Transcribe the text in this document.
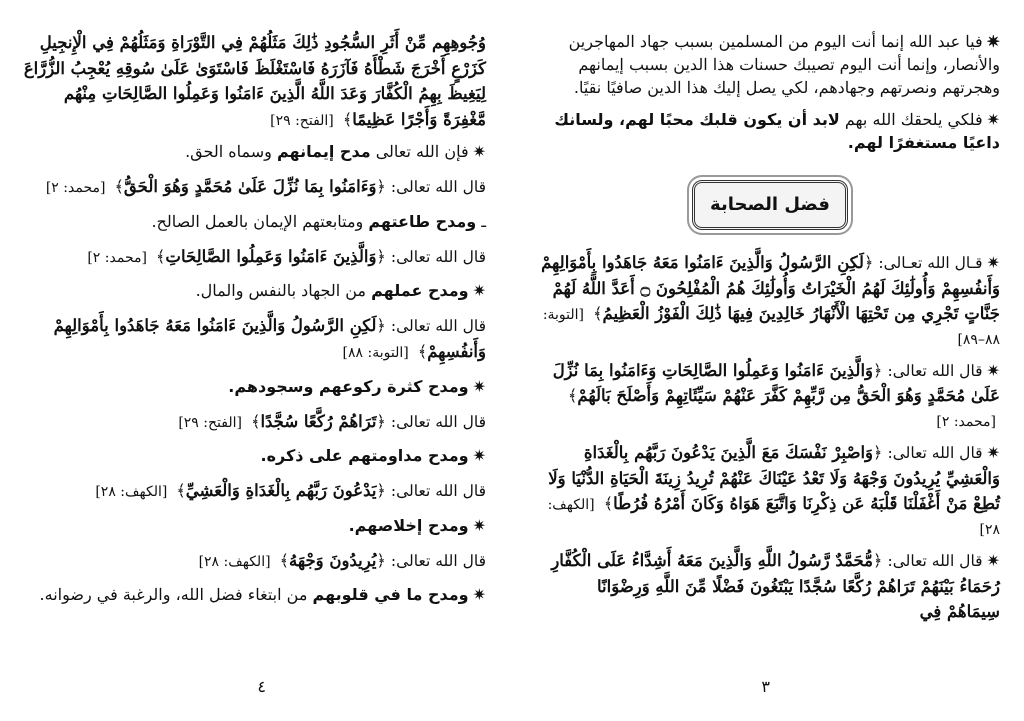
✷فيا عبد الله إنما أنت اليوم من المسلمين بسبب جهاد المهاجرين والأنصار، وإنما أنت اليوم تصيبك حسنات هذا الدين بسبب إيمانهم وهجرتهم ونصرتهم وجهادهم، لكي يصل إليك هذا الدين صافيًا نقيًا.

✷فلكي يلحقك الله بهم لابد أن يكون قلبك محبًا لهم، ولسانك داعيًا مستغفرًا لهم.

فضل الصحابة

✷قـال الله تعـالى: ﴿لَكِنِ الرَّسُولُ وَالَّذِينَ ءَامَنُوا مَعَهُ جَاهَدُوا بِأَمْوَالِهِمْ وَأَنفُسِهِمْ وَأُولَٰئِكَ لَهُمُ الْخَيْرَاتُ وَأُولَٰئِكَ هُمُ الْمُفْلِحُونَ ۝ أَعَدَّ اللَّهُ لَهُمْ جَنَّاتٍ تَجْرِي مِن تَحْتِهَا الْأَنْهَارُ خَالِدِينَ فِيهَا ذَٰلِكَ الْفَوْزُ الْعَظِيمُ﴾ [التوبة: ٨٨–٨٩]

✷قال الله تعالى: ﴿وَالَّذِينَ ءَامَنُوا وَعَمِلُوا الصَّالِحَاتِ وَءَامَنُوا بِمَا نُزِّلَ عَلَىٰ مُحَمَّدٍ وَهُوَ الْحَقُّ مِن رَّبِّهِمْ كَفَّرَ عَنْهُمْ سَيِّئَاتِهِمْ وَأَصْلَحَ بَالَهُمْ﴾ [محمد: ٢]

✷قال الله تعالى: ﴿وَاصْبِرْ نَفْسَكَ مَعَ الَّذِينَ يَدْعُونَ رَبَّهُم بِالْغَدَاةِ وَالْعَشِيِّ يُرِيدُونَ وَجْهَهُ وَلَا تَعْدُ عَيْنَاكَ عَنْهُمْ تُرِيدُ زِينَةَ الْحَيَاةِ الدُّنْيَا وَلَا تُطِعْ مَنْ أَغْفَلْنَا قَلْبَهُ عَن ذِكْرِنَا وَاتَّبَعَ هَوَاهُ وَكَانَ أَمْرُهُ فُرُطًا﴾ [الكهف: ٢٨]

✷قال الله تعالى: ﴿مُّحَمَّدٌ رَّسُولُ اللَّهِ وَالَّذِينَ مَعَهُ أَشِدَّاءُ عَلَى الْكُفَّارِ رُحَمَاءُ بَيْنَهُمْ تَرَاهُمْ رُكَّعًا سُجَّدًا يَبْتَغُونَ فَضْلًا مِّنَ اللَّهِ وَرِضْوَانًا سِيمَاهُمْ فِي

٣

وُجُوهِهِم مِّنْ أَثَرِ السُّجُودِ ذَٰلِكَ مَثَلُهُمْ فِي التَّوْرَاةِ وَمَثَلُهُمْ فِي الْإِنجِيلِ كَزَرْعٍ أَخْرَجَ شَطْأَهُ فَآزَرَهُ فَاسْتَغْلَظَ فَاسْتَوَىٰ عَلَىٰ سُوقِهِ يُعْجِبُ الزُّرَّاعَ لِيَغِيظَ بِهِمُ الْكُفَّارَ وَعَدَ اللَّهُ الَّذِينَ ءَامَنُوا وَعَمِلُوا الصَّالِحَاتِ مِنْهُم مَّغْفِرَةً وَأَجْرًا عَظِيمًا﴾ [الفتح: ٢٩]

✷فإن الله تعالى مدح إيمانهم وسماه الحق.

قال الله تعالى: ﴿وَءَامَنُوا بِمَا نُزِّلَ عَلَىٰ مُحَمَّدٍ وَهُوَ الْحَقُّ﴾ [محمد: ٢]

ـ ومدح طاعتهم ومتابعتهم الإيمان بالعمل الصالح.

قال الله تعالى: ﴿وَالَّذِينَ ءَامَنُوا وَعَمِلُوا الصَّالِحَاتِ﴾ [محمد: ٢]

✷ومدح عملهم من الجهاد بالنفس والمال.

قال الله تعالى: ﴿لَكِنِ الرَّسُولُ وَالَّذِينَ ءَامَنُوا مَعَهُ جَاهَدُوا بِأَمْوَالِهِمْ وَأَنفُسِهِمْ﴾ [التوبة: ٨٨]

✷ومدح كثرة ركوعهم وسجودهم.

قال الله تعالى: ﴿تَرَاهُمْ رُكَّعًا سُجَّدًا﴾ [الفتح: ٢٩]

✷ومدح مداومتهم على ذكره.

قال الله تعالى: ﴿يَدْعُونَ رَبَّهُم بِالْغَدَاةِ وَالْعَشِيِّ﴾ [الكهف: ٢٨]

✷ومدح إخلاصهم.

قال الله تعالى: ﴿يُرِيدُونَ وَجْهَهُ﴾ [الكهف: ٢٨]

✷ومدح ما في قلوبهم من ابتغاء فضل الله، والرغبة في رضوانه.

٤
